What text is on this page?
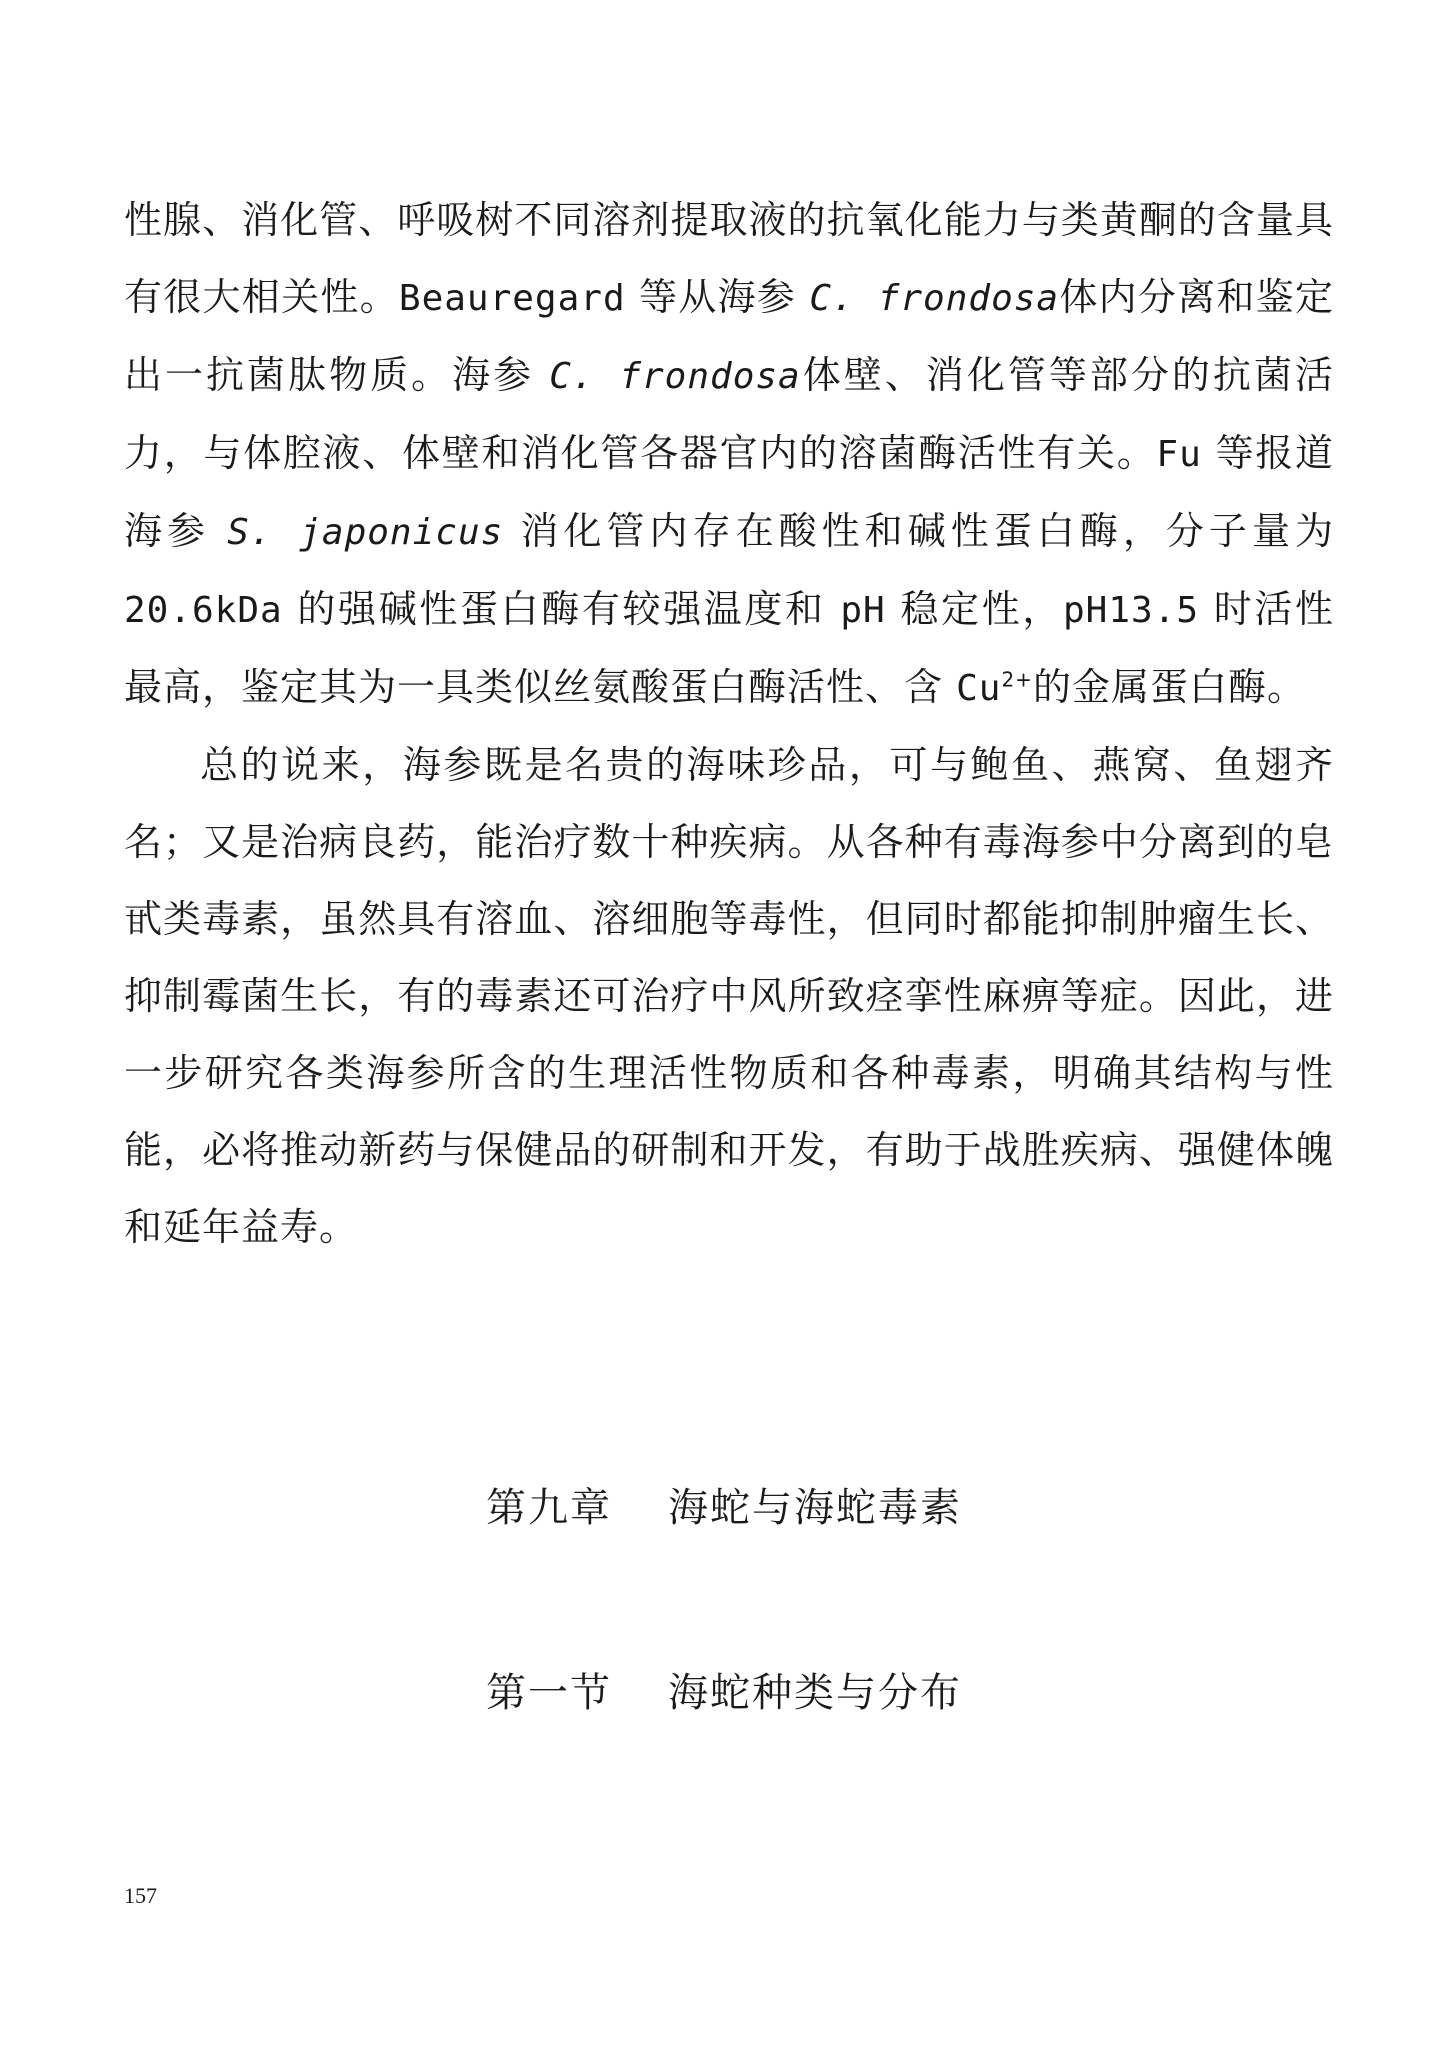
性腺、消化管、呼吸树不同溶剂提取液的抗氧化能力与类黄酮的含量具有很大相关性。Beauregard 等从海参 C. frondosa体内分离和鉴定出一抗菌肽物质。海参 C. frondosa体壁、消化管等部分的抗菌活力，与体腔液、体壁和消化管各器官内的溶菌酶活性有关。Fu 等报道海参 S. japonicus 消化管内存在酸性和碱性蛋白酶，分子量为 20.6kDa 的强碱性蛋白酶有较强温度和 pH 稳定性，pH13.5 时活性最高，鉴定其为一具类似丝氨酸蛋白酶活性、含 $Cu^{2+}$的金属蛋白酶。

总的说来，海参既是名贵的海味珍品，可与鲍鱼、燕窝、鱼翅齐名；又是治病良药，能治疗数十种疾病。从各种有毒海参中分离到的皂甙类毒素，虽然具有溶血、溶细胞等毒性，但同时都能抑制肿瘤生长、抑制霉菌生长，有的毒素还可治疗中风所致痉挛性麻痹等症。因此，进一步研究各类海参所含的生理活性物质和各种毒素，明确其结构与性能，必将推动新药与保健品的研制和开发，有助于战胜疾病、强健体魄和延年益寿。

第九章 海蛇与海蛇毒素
第一节 海蛇种类与分布
157
